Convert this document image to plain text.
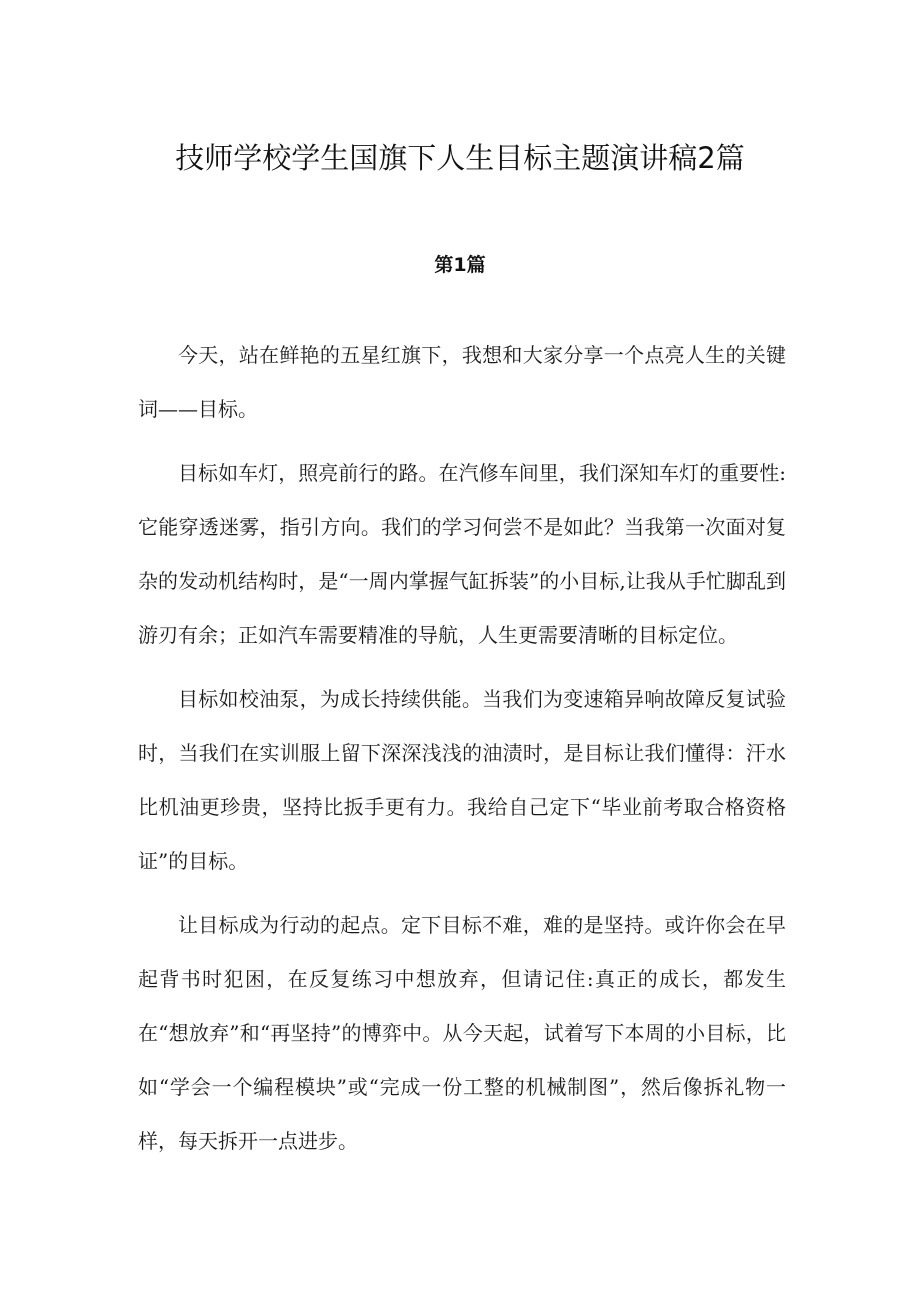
技师学校学生国旗下人生目标主题演讲稿2篇
第1篇

今天，站在鲜艳的五星红旗下，我想和大家分享一个点亮人生的关键词——目标。

目标如车灯，照亮前行的路。在汽修车间里，我们深知车灯的重要性:它能穿透迷雾，指引方向。我们的学习何尝不是如此？当我第一次面对复杂的发动机结构时，是“一周内掌握气缸拆装”的小目标,让我从手忙脚乱到游刃有余；正如汽车需要精准的导航，人生更需要清晰的目标定位。

目标如校油泵，为成长持续供能。当我们为变速箱异响故障反复试验时，当我们在实训服上留下深深浅浅的油渍时，是目标让我们懂得：汗水比机油更珍贵，坚持比扳手更有力。我给自己定下“毕业前考取合格资格证”的目标。

让目标成为行动的起点。定下目标不难，难的是坚持。或许你会在早起背书时犯困，在反复练习中想放弃，但请记住:真正的成长，都发生在“想放弃”和“再坚持”的博弈中。从今天起，试着写下本周的小目标，比如“学会一个编程模块”或“完成一份工整的机械制图”，然后像拆礼物一样，每天拆开一点进步。
